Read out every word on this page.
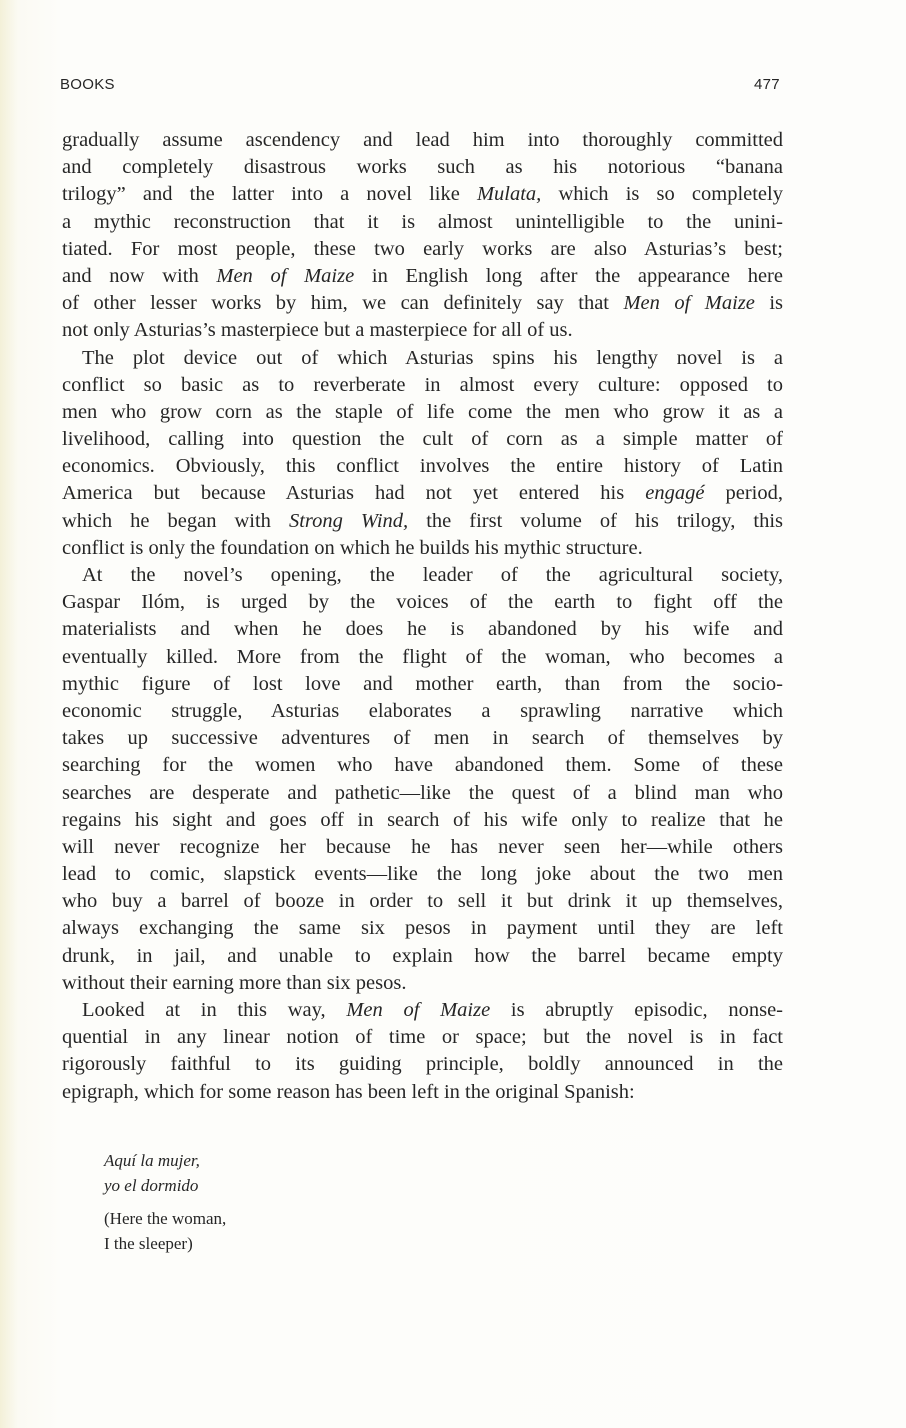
BOOKS	477
gradually assume ascendency and lead him into thoroughly committed
and completely disastrous works such as his notorious “banana
trilogy” and the latter into a novel like Mulata, which is so completely
a mythic reconstruction that it is almost unintelligible to the unini-
tiated. For most people, these two early works are also Asturias’s best;
and now with Men of Maize in English long after the appearance here
of other lesser works by him, we can definitely say that Men of Maize is
not only Asturias’s masterpiece but a masterpiece for all of us.
The plot device out of which Asturias spins his lengthy novel is a
conflict so basic as to reverberate in almost every culture: opposed to
men who grow corn as the staple of life come the men who grow it as a
livelihood, calling into question the cult of corn as a simple matter of
economics. Obviously, this conflict involves the entire history of Latin
America but because Asturias had not yet entered his engagé period,
which he began with Strong Wind, the first volume of his trilogy, this
conflict is only the foundation on which he builds his mythic structure.
At the novel’s opening, the leader of the agricultural society,
Gaspar Ilóm, is urged by the voices of the earth to fight off the
materialists and when he does he is abandoned by his wife and
eventually killed. More from the flight of the woman, who becomes a
mythic figure of lost love and mother earth, than from the socio-
economic struggle, Asturias elaborates a sprawling narrative which
takes up successive adventures of men in search of themselves by
searching for the women who have abandoned them. Some of these
searches are desperate and pathetic—like the quest of a blind man who
regains his sight and goes off in search of his wife only to realize that he
will never recognize her because he has never seen her—while others
lead to comic, slapstick events—like the long joke about the two men
who buy a barrel of booze in order to sell it but drink it up themselves,
always exchanging the same six pesos in payment until they are left
drunk, in jail, and unable to explain how the barrel became empty
without their earning more than six pesos.
Looked at in this way, Men of Maize is abruptly episodic, nonse-
quential in any linear notion of time or space; but the novel is in fact
rigorously faithful to its guiding principle, boldly announced in the
epigraph, which for some reason has been left in the original Spanish:
Aquí la mujer,
yo el dormido
(Here the woman,
I the sleeper)
